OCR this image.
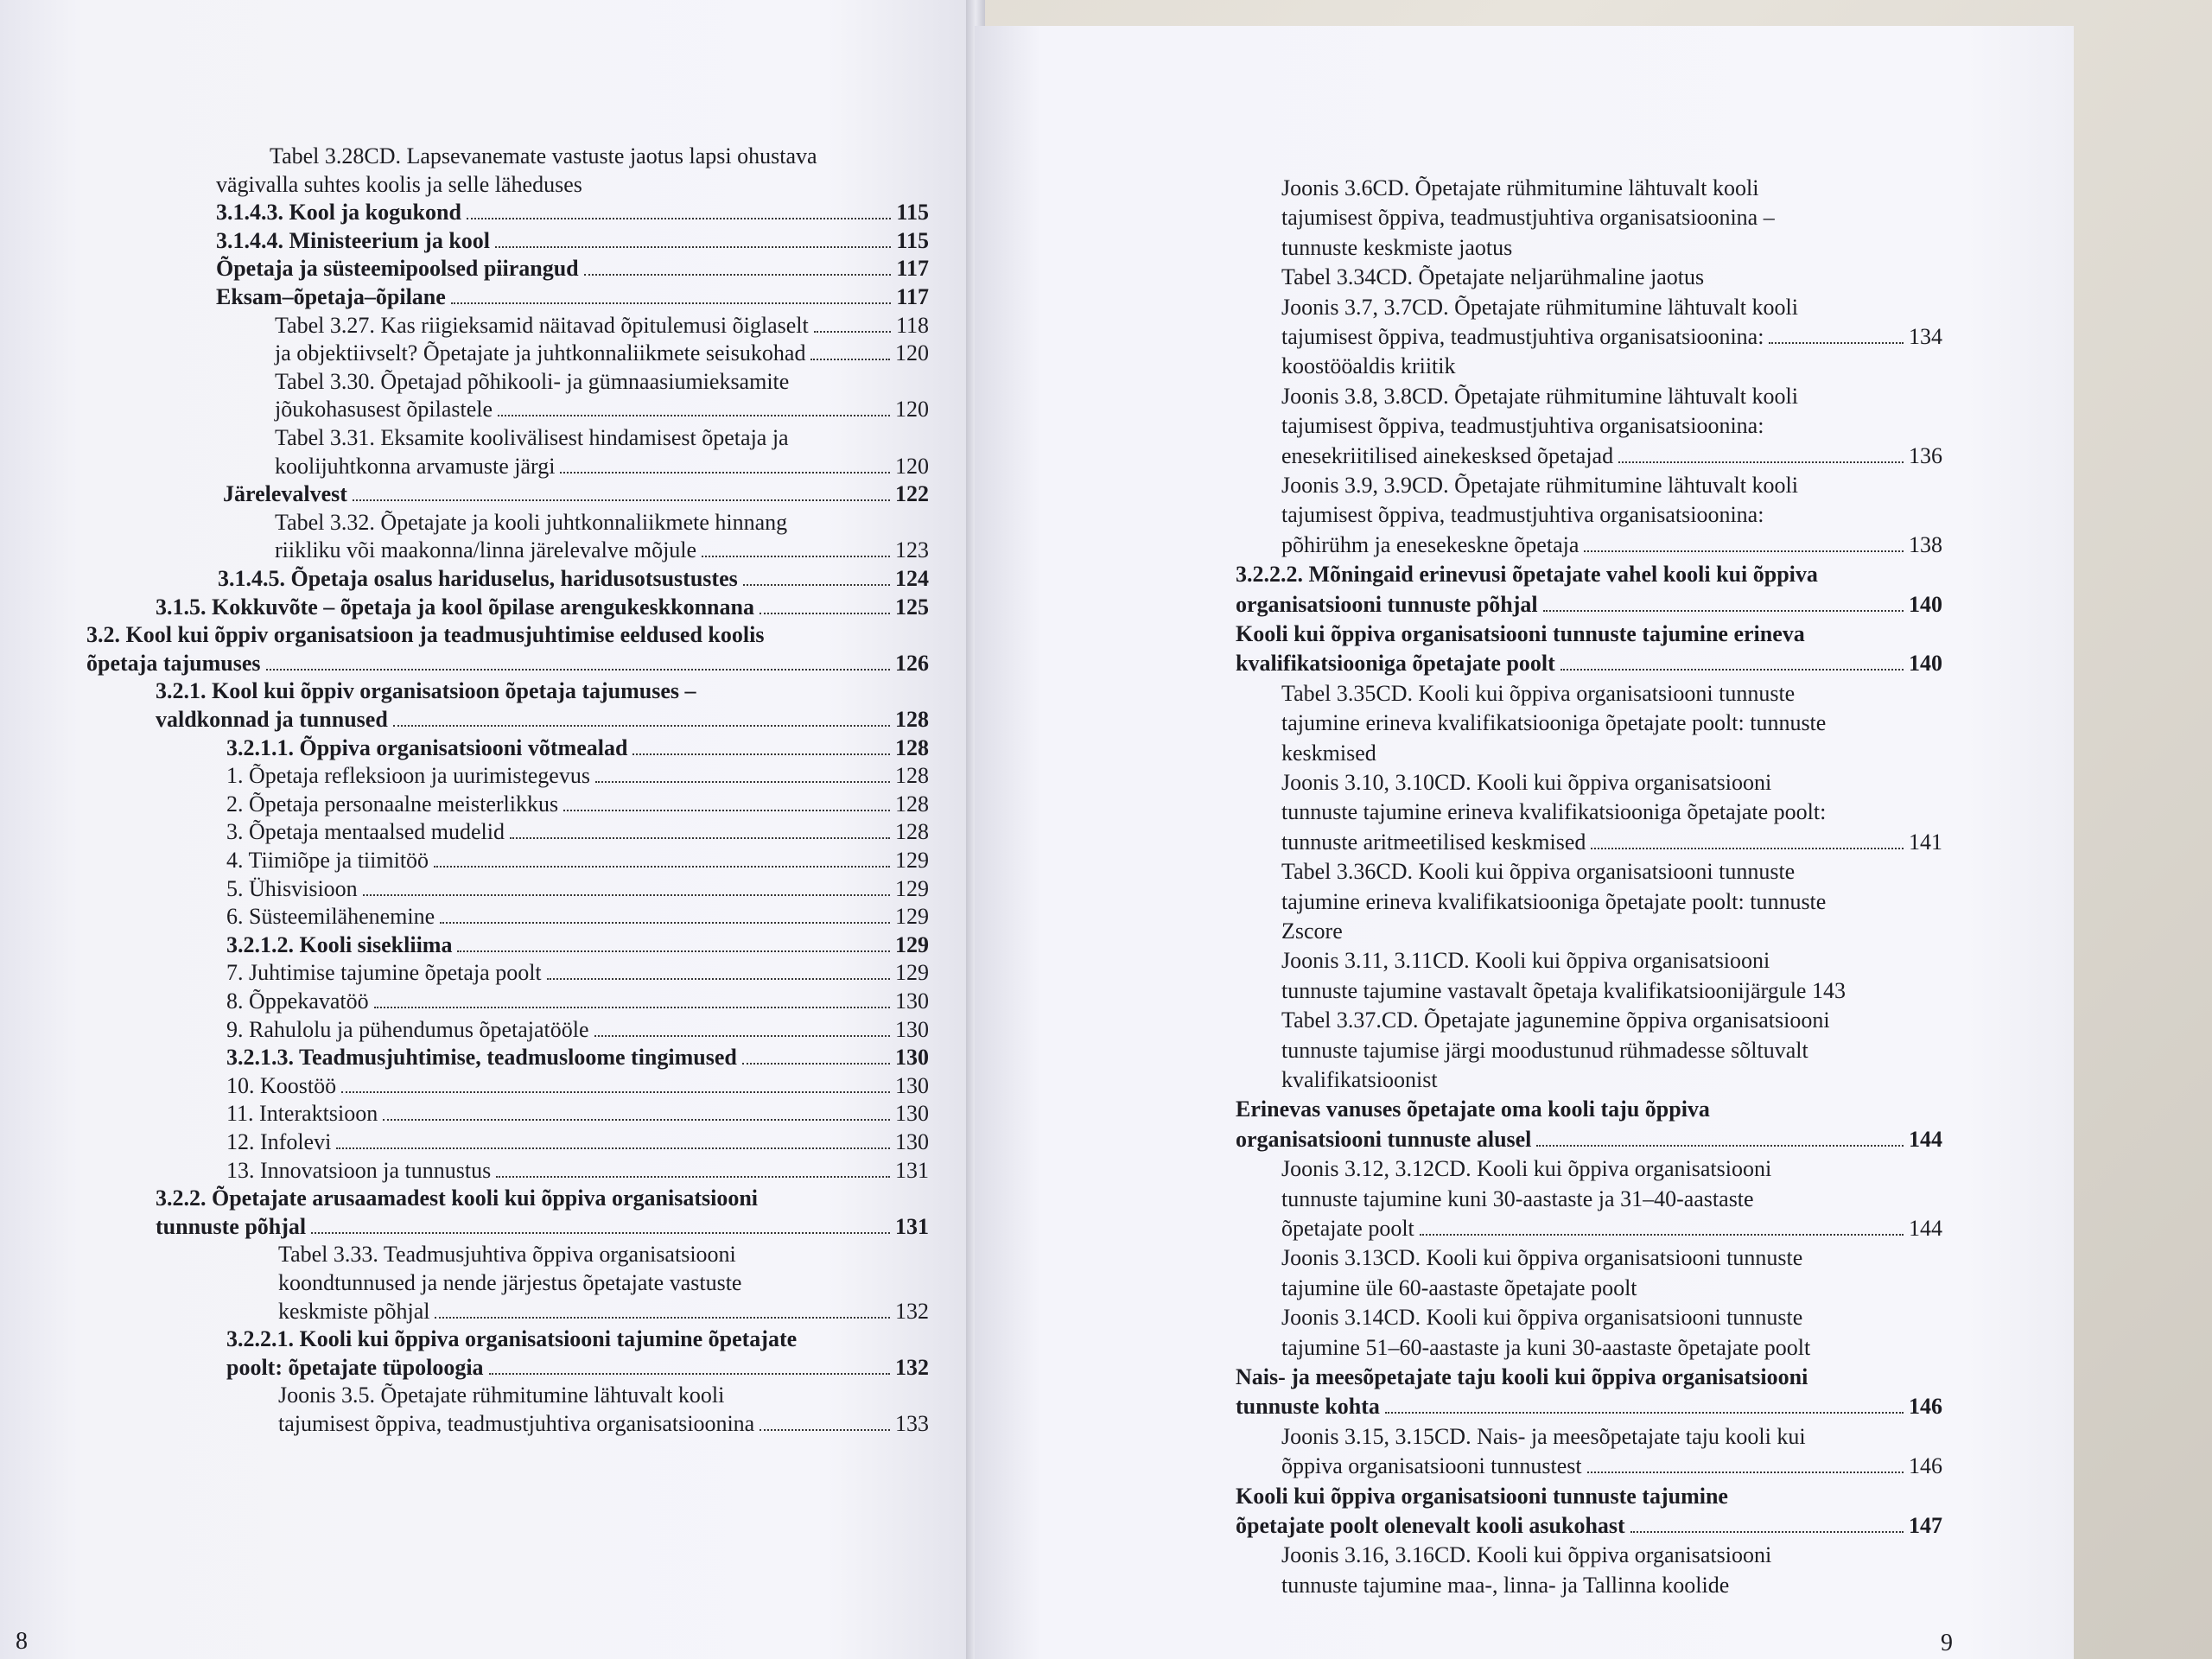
Tabel 3.28CD. Lapsevanemate vastuste jaotus lapsi ohustava
vägivalla suhtes koolis ja selle läheduses
3.1.4.3. Kool ja kogukond	115
3.1.4.4. Ministeerium ja kool	115
Õpetaja ja süsteemipoolsed piirangud	117
Eksam–õpetaja–õpilane	117
Tabel 3.27. Kas riigieksamid näitavad õpitulemusi õiglaselt	118
ja objektiivselt? Õpetajate ja juhtkonnaliikmete seisukohad	120
Tabel 3.30. Õpetajad põhikooli- ja gümnaasiumieksamite
jõukohasusest õpilastele	120
Tabel 3.31. Eksamite koolivälisest hindamisest õpetaja ja
koolijuhtkonna arvamuste järgi	120
Järelevalvest	122
Tabel 3.32. Õpetajate ja kooli juhtkonnaliikmete hinnang
riikliku või maakonna/linna järelevalve mõjule	123
3.1.4.5. Õpetaja osalus hariduselus, haridusotsustustes	124
3.1.5. Kokkuvõte – õpetaja ja kool õpilase arengukeskkonnana	125
3.2. Kool kui õppiv organisatsioon ja teadmusjuhtimise eeldused koolis
õpetaja tajumuses	126
3.2.1. Kool kui õppiv organisatsioon õpetaja tajumuses –
valdkonnad ja tunnused	128
3.2.1.1. Õppiva organisatsiooni võtmealad	128
1. Õpetaja refleksioon ja uurimistegevus	128
2. Õpetaja personaalne meisterlikkus	128
3. Õpetaja mentaalsed mudelid	128
4. Tiimiõpe ja tiimitöö	129
5. Ühisvisioon	129
6. Süsteemilähenemine	129
3.2.1.2. Kooli sisekliima	129
7. Juhtimise tajumine õpetaja poolt	129
8. Õppekavatöö	130
9. Rahulolu ja pühendumus õpetajatööle	130
3.2.1.3. Teadmusjuhtimise, teadmusloome tingimused	130
10. Koostöö	130
11. Interaktsioon	130
12. Infolevi	130
13. Innovatsioon ja tunnustus	131
3.2.2. Õpetajate arusaamadest kooli kui õppiva organisatsiooni
tunnuste põhjal	131
Tabel 3.33. Teadmusjuhtiva õppiva organisatsiooni
koondtunnused ja nende järjestus õpetajate vastuste
keskmiste põhjal	132
3.2.2.1. Kooli kui õppiva organisatsiooni tajumine õpetajate
poolt: õpetajate tüpoloogia	132
Joonis 3.5. Õpetajate rühmitumine lähtuvalt kooli
tajumisest õppiva, teadmustjuhtiva organisatsioonina	133
8
Joonis 3.6CD. Õpetajate rühmitumine lähtuvalt kooli
tajumisest õppiva, teadmustjuhtiva organisatsioonina –
tunnuste keskmiste jaotus
Tabel 3.34CD. Õpetajate neljarühmaline jaotus
Joonis 3.7, 3.7CD. Õpetajate rühmitumine lähtuvalt kooli
tajumisest õppiva, teadmustjuhtiva organisatsioonina:	134
koostööaldis kriitik
Joonis 3.8, 3.8CD. Õpetajate rühmitumine lähtuvalt kooli
tajumisest õppiva, teadmustjuhtiva organisatsioonina:
enesekriitilised ainekesksed õpetajad	136
Joonis 3.9, 3.9CD. Õpetajate rühmitumine lähtuvalt kooli
tajumisest õppiva, teadmustjuhtiva organisatsioonina:
põhirühm ja enesekeskne õpetaja	138
3.2.2.2. Mõningaid erinevusi õpetajate vahel kooli kui õppiva
organisatsiooni tunnuste põhjal	140
Kooli kui õppiva organisatsiooni tunnuste tajumine erineva
kvalifikatsiooniga õpetajate poolt	140
Tabel 3.35CD. Kooli kui õppiva organisatsiooni tunnuste
tajumine erineva kvalifikatsiooniga õpetajate poolt: tunnuste
keskmised
Joonis 3.10, 3.10CD. Kooli kui õppiva organisatsiooni
tunnuste tajumine erineva kvalifikatsiooniga õpetajate poolt:
tunnuste aritmeetilised keskmised	141
Tabel 3.36CD. Kooli kui õppiva organisatsiooni tunnuste
tajumine erineva kvalifikatsiooniga õpetajate poolt: tunnuste
Zscore
Joonis 3.11, 3.11CD. Kooli kui õppiva organisatsiooni
tunnuste tajumine vastavalt õpetaja kvalifikatsioonijärgule 143
Tabel 3.37.CD. Õpetajate jagunemine õppiva organisatsiooni
tunnuste tajumise järgi moodustunud rühmadesse sõltuvalt
kvalifikatsioonist
Erinevas vanuses õpetajate oma kooli taju õppiva
organisatsiooni tunnuste alusel	144
Joonis 3.12, 3.12CD. Kooli kui õppiva organisatsiooni
tunnuste tajumine kuni 30-aastaste ja 31–40-aastaste
õpetajate poolt	144
Joonis 3.13CD. Kooli kui õppiva organisatsiooni tunnuste
tajumine üle 60-aastaste õpetajate poolt
Joonis 3.14CD. Kooli kui õppiva organisatsiooni tunnuste
tajumine 51–60-aastaste ja kuni 30-aastaste õpetajate poolt
Nais- ja meesõpetajate taju kooli kui õppiva organisatsiooni
tunnuste kohta	146
Joonis 3.15, 3.15CD. Nais- ja meesõpetajate taju kooli kui
õppiva organisatsiooni tunnustest	146
Kooli kui õppiva organisatsiooni tunnuste tajumine
õpetajate poolt olenevalt kooli asukohast	147
Joonis 3.16, 3.16CD. Kooli kui õppiva organisatsiooni
tunnuste tajumine maa-, linna- ja Tallinna koolide
9
